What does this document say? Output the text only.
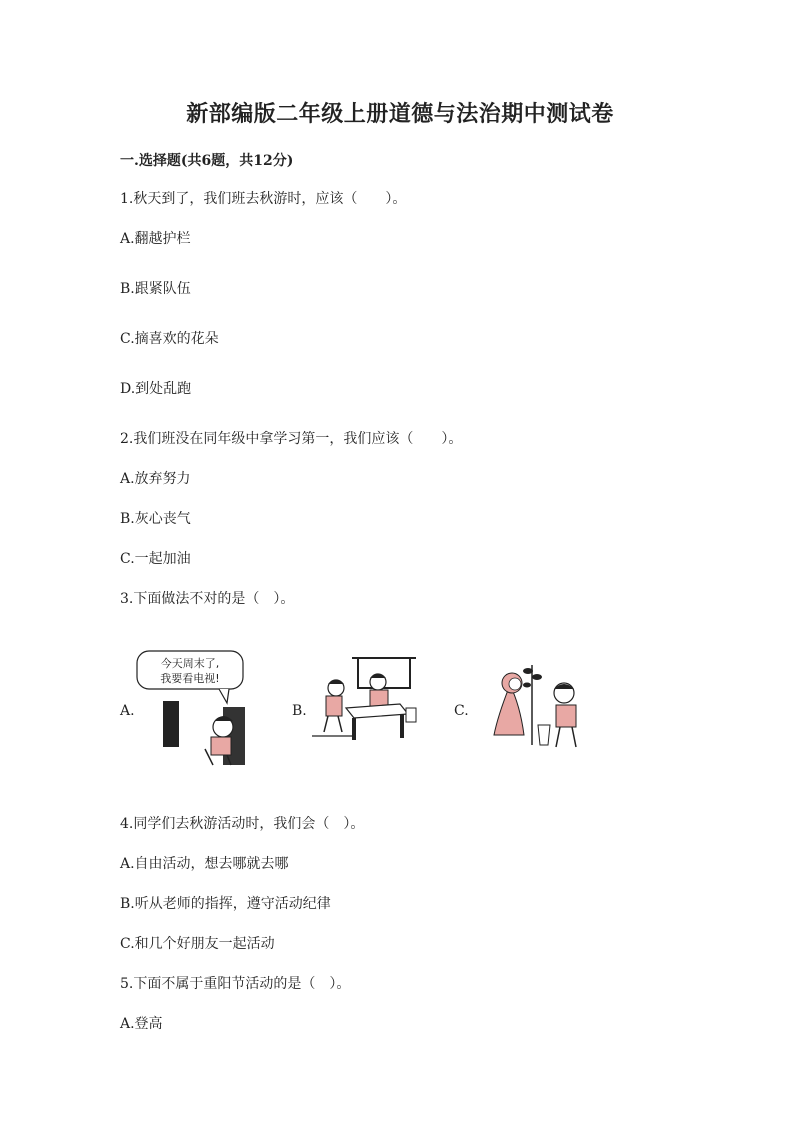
新部编版二年级上册道德与法治期中测试卷
一.选择题(共6题，共12分)
1.秋天到了，我们班去秋游时，应该（　　）。
A.翻越护栏
B.跟紧队伍
C.摘喜欢的花朵
D.到处乱跑
2.我们班没在同年级中拿学习第一，我们应该（　　）。
A.放弃努力
B.灰心丧气
C.一起加油
3.下面做法不对的是（　）。
A.	B.	C.
今天周末了,
我要看电视!
4.同学们去秋游活动时，我们会（　）。
A.自由活动，想去哪就去哪
B.听从老师的指挥，遵守活动纪律
C.和几个好朋友一起活动
5.下面不属于重阳节活动的是（　）。
A.登高
